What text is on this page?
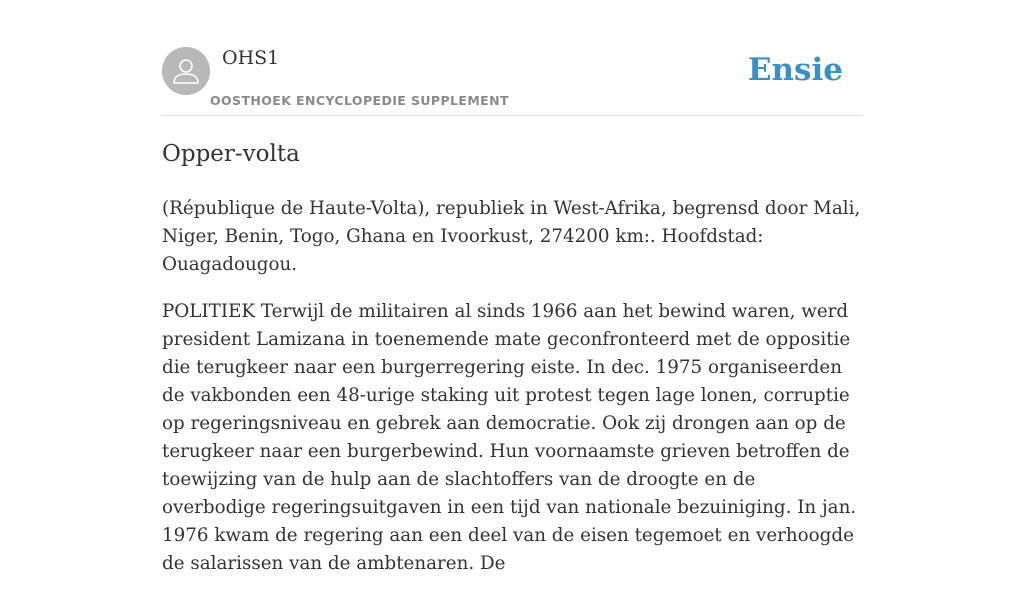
OHS1
OOSTHOEK ENCYCLOPEDIE SUPPLEMENT
Ensie
Opper-volta

(République de Haute-Volta), republiek in West-Afrika, begrensd door Mali, Niger, Benin, Togo, Ghana en Ivoorkust, 274200 km:. Hoofdstad: Ouagadougou.

POLITIEK Terwijl de militairen al sinds 1966 aan het bewind waren, werd president Lamizana in toenemende mate geconfronteerd met de oppositie die terugkeer naar een burgerregering eiste. In dec. 1975 organiseerden de vakbonden een 48-urige staking uit protest tegen lage lonen, corruptie op regeringsniveau en gebrek aan democratie. Ook zij drongen aan op de terugkeer naar een burgerbewind. Hun voornaamste grieven betroffen de toewijzing van de hulp aan de slachtoffers van de droogte en de overbodige regeringsuitgaven in een tijd van nationale bezuiniging. In jan. 1976 kwam de regering aan een deel van de eisen tegemoet en verhoogde de salarissen van de ambtenaren. De
